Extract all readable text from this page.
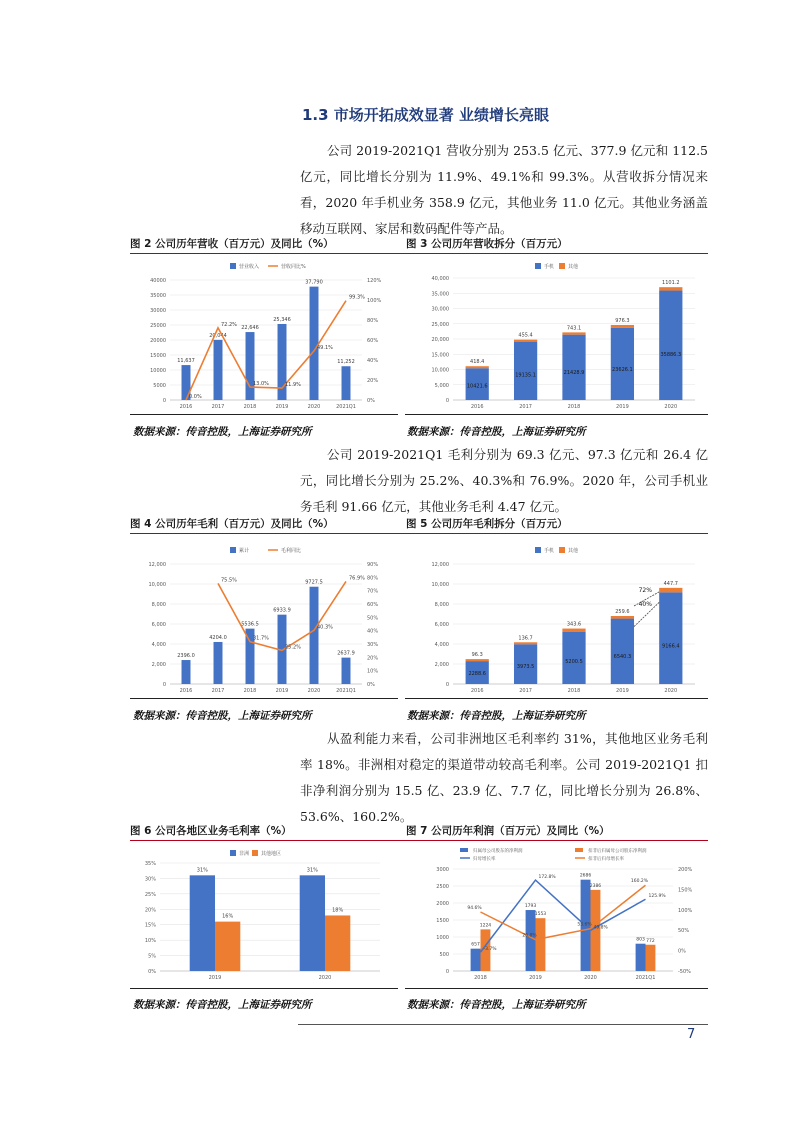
1.3 市场开拓成效显著 业绩增长亮眼

公司 2019-2021Q1 营收分别为 253.5 亿元、377.9 亿元和 112.5 亿元，同比增长分别为 11.9%、49.1%和 99.3%。从营收拆分情况来看，2020 年手机业务 358.9 亿元，其他业务 11.0 亿元。其他业务涵盖移动互联网、家居和数码配件等产品。

图 2 公司历年营收（百万元）及同比（%）	图 3 公司历年营收拆分（百万元）
0
5000
10000
15000
20000
25000
30000
35000
40000
0%
20%
40%
60%
80%
100%
120%
营业收入	营收同比%
11,637
2016
20,044
2017
22,646
2018
25,346
2019
37,790
2020
11,252
2021Q1
0.0%
72.2%
13.0%	11.9%
49.1%
99.3%
0
5,000
10,000
15,000
20,000
25,000
30,000
35,000
40,000
手机	其他
10421.6
418.4
2016
19135.1
455.4
2017
21428.9
743.1
2018
23626.1
976.3
2019
35886.3
1101.2
2020
数据来源：传音控股，上海证券研究所	数据来源：传音控股，上海证券研究所

公司 2019-2021Q1 毛利分别为 69.3 亿元、97.3 亿元和 26.4 亿元，同比增长分别为 25.2%、40.3%和 76.9%。2020 年，公司手机业务毛利 91.66 亿元，其他业务毛利 4.47 亿元。

图 4 公司历年毛利（百万元）及同比（%）	图 5 公司历年毛利拆分（百万元）
0
2,000
4,000
6,000
8,000
10,000
12,000
0%
10%
20%
30%
40%
50%
60%
70%
80%
90%
累计	毛利同比
2396.0
2016
4204.0
2017
5536.5
2018
6933.9
2019
9727.5
2020
2637.9
2021Q1
75.5%
31.7%
25.2%
40.3%
76.9%
0
2,000
4,000
6,000
8,000
10,000
12,000
手机	其他
2288.6
96.3
2016
3973.5
136.7
2017
5200.5
343.6
2018
6540.3
259.6
2019
9166.4
447.7
2020
72%
40%
数据来源：传音控股，上海证券研究所	数据来源：传音控股，上海证券研究所

从盈利能力来看，公司非洲地区毛利率约 31%，其他地区业务毛利率 18%。非洲相对稳定的渠道带动较高毛利率。公司 2019-2021Q1 扣非净利润分别为 15.5 亿、23.9 亿、7.7 亿，同比增长分别为 26.8%、53.6%、160.2%。

图 6 公司各地区业务毛利率（%）	图 7 公司历年利润（百万元）及同比（%）
0%
5%
10%
15%
20%
25%
30%
35%
非洲 其他地区
31%
16%
2019
31%
18%
2020
0
500
1000
1500
2000
2500
3000
-50%
0%
50%
100%
150%
200%
归属母公司股东的净利润	扣非后归属母公司股东净利润
归母增长率	扣非后归母增长率
657
1224
2018
1793
1553
2019
2686
2386
2020
803 772
2021Q1
-3.7%
172.8%
49.8%
125.9%
94.6%
26.8%
53.6%
160.2%
数据来源：传音控股，上海证券研究所	数据来源：传音控股，上海证券研究所
7
